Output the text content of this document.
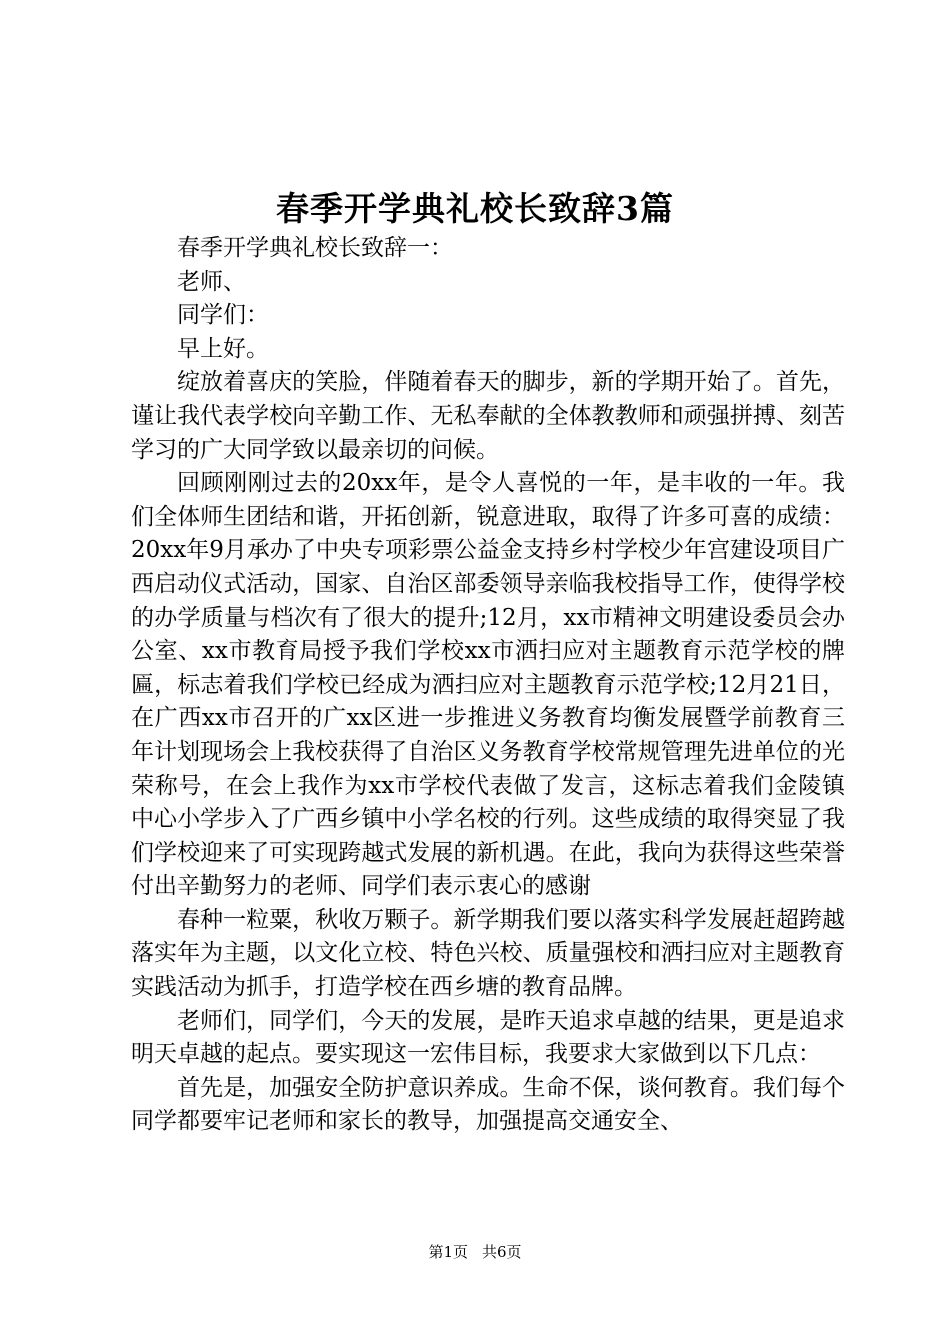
春季开学典礼校长致辞3篇

春季开学典礼校长致辞一：

老师、

同学们：

早上好。

绽放着喜庆的笑脸，伴随着春天的脚步，新的学期开始了。首先，谨让我代表学校向辛勤工作、无私奉献的全体教教师和顽强拼搏、刻苦学习的广大同学致以最亲切的问候。

回顾刚刚过去的20xx年，是令人喜悦的一年，是丰收的一年。我们全体师生团结和谐，开拓创新，锐意进取，取得了许多可喜的成绩：20xx年9月承办了中央专项彩票公益金支持乡村学校少年宫建设项目广西启动仪式活动，国家、自治区部委领导亲临我校指导工作，使得学校的办学质量与档次有了很大的提升;12月，xx市精神文明建设委员会办公室、xx市教育局授予我们学校xx市洒扫应对主题教育示范学校的牌匾，标志着我们学校已经成为洒扫应对主题教育示范学校;12月21日，在广西xx市召开的广xx区进一步推进义务教育均衡发展暨学前教育三年计划现场会上我校获得了自治区义务教育学校常规管理先进单位的光荣称号，在会上我作为xx市学校代表做了发言，这标志着我们金陵镇中心小学步入了广西乡镇中小学名校的行列。这些成绩的取得突显了我们学校迎来了可实现跨越式发展的新机遇。在此，我向为获得这些荣誉付出辛勤努力的老师、同学们表示衷心的感谢

春种一粒粟，秋收万颗子。新学期我们要以落实科学发展赶超跨越落实年为主题，以文化立校、特色兴校、质量强校和洒扫应对主题教育实践活动为抓手，打造学校在西乡塘的教育品牌。

老师们，同学们，今天的发展，是昨天追求卓越的结果，更是追求明天卓越的起点。要实现这一宏伟目标，我要求大家做到以下几点：

首先是，加强安全防护意识养成。生命不保，谈何教育。我们每个同学都要牢记老师和家长的教导，加强提高交通安全、

第1页 共6页
